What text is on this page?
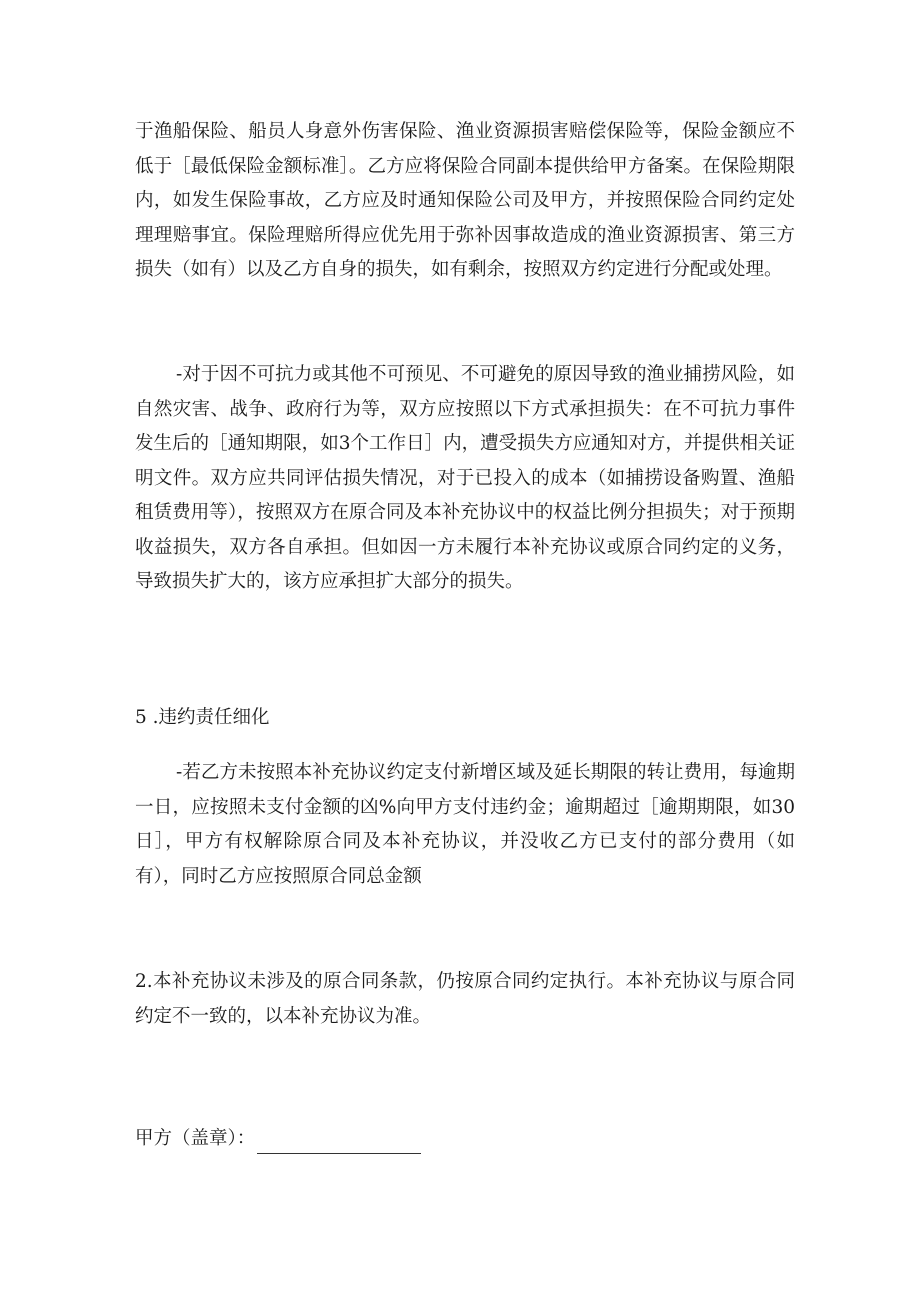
于渔船保险、船员人身意外伤害保险、渔业资源损害赔偿保险等，保险金额应不低于［最低保险金额标准］。乙方应将保险合同副本提供给甲方备案。在保险期限内，如发生保险事故，乙方应及时通知保险公司及甲方，并按照保险合同约定处理理赔事宜。保险理赔所得应优先用于弥补因事故造成的渔业资源损害、第三方损失（如有）以及乙方自身的损失，如有剩余，按照双方约定进行分配或处理。

-对于因不可抗力或其他不可预见、不可避免的原因导致的渔业捕捞风险，如自然灾害、战争、政府行为等，双方应按照以下方式承担损失：在不可抗力事件发生后的［通知期限，如3个工作日］内，遭受损失方应通知对方，并提供相关证明文件。双方应共同评估损失情况，对于已投入的成本（如捕捞设备购置、渔船租赁费用等），按照双方在原合同及本补充协议中的权益比例分担损失；对于预期收益损失，双方各自承担。但如因一方未履行本补充协议或原合同约定的义务，导致损失扩大的，该方应承担扩大部分的损失。

5 .违约责任细化

-若乙方未按照本补充协议约定支付新增区域及延长期限的转让费用，每逾期一日，应按照未支付金额的凶%向甲方支付违约金；逾期超过［逾期期限，如30日］，甲方有权解除原合同及本补充协议，并没收乙方已支付的部分费用（如有），同时乙方应按照原合同总金额

2.本补充协议未涉及的原合同条款，仍按原合同约定执行。本补充协议与原合同约定不一致的，以本补充协议为准。

甲方（盖章）：
